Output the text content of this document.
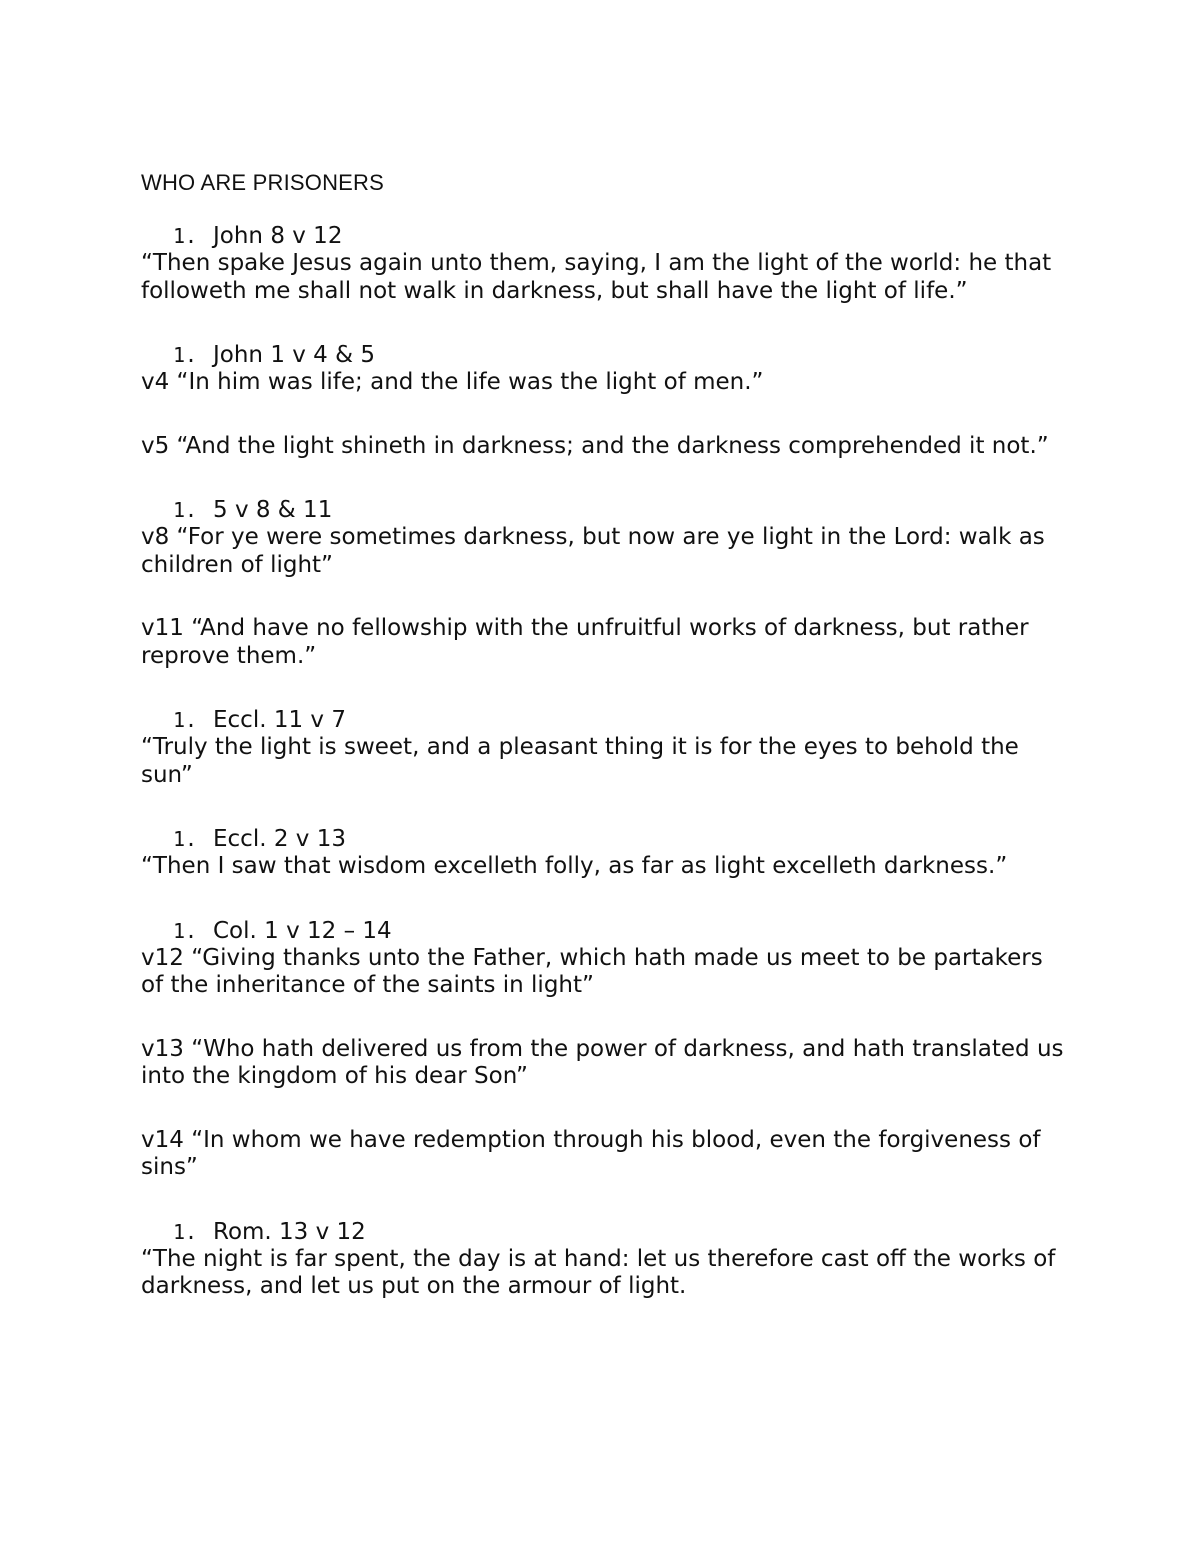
WHO ARE PRISONERS
1. John 8 v 12

“Then spake Jesus again unto them, saying, I am the light of the world: he that followeth me shall not walk in darkness, but shall have the light of life.”

1. John 1 v 4 & 5

v4 “In him was life; and the life was the light of men.”

v5 “And the light shineth in darkness; and the darkness comprehended it not.”

1. 5 v 8 & 11

v8 “For ye were sometimes darkness, but now are ye light in the Lord: walk as children of light”

v11 “And have no fellowship with the unfruitful works of darkness, but rather reprove them.”

1. Eccl. 11 v 7

“Truly the light is sweet, and a pleasant thing it is for the eyes to behold the sun”

1. Eccl. 2 v 13

“Then I saw that wisdom excelleth folly, as far as light excelleth darkness.”

1. Col. 1 v 12 – 14

v12 “Giving thanks unto the Father, which hath made us meet to be partakers of the inheritance of the saints in light”

v13 “Who hath delivered us from the power of darkness, and hath translated us into the kingdom of his dear Son”

v14 “In whom we have redemption through his blood, even the forgiveness of sins”

1. Rom. 13 v 12

“The night is far spent, the day is at hand: let us therefore cast off the works of darkness, and let us put on the armour of light.
